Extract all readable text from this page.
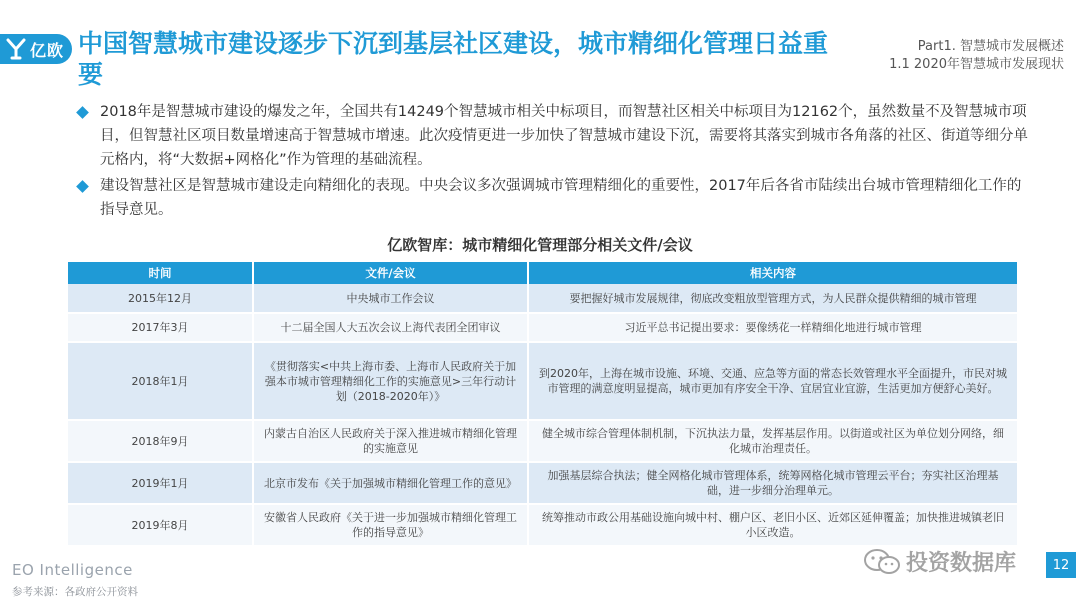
亿欧 中国智慧城市建设逐步下沉到基层社区建设，城市精细化管理日益重要
Part1. 智慧城市发展概述
1.1 2020年智慧城市发展现状
2018年是智慧城市建设的爆发之年，全国共有14249个智慧城市相关中标项目，而智慧社区相关中标项目为12162个，虽然数量不及智慧城市项目，但智慧社区项目数量增速高于智慧城市增速。此次疫情更进一步加快了智慧城市建设下沉，需要将其落实到城市各角落的社区、街道等细分单元格内，将“大数据+网格化”作为管理的基础流程。
建设智慧社区是智慧城市建设走向精细化的表现。中央会议多次强调城市管理精细化的重要性，2017年后各省市陆续出台城市管理精细化工作的指导意见。
亿欧智库：城市精细化管理部分相关文件/会议
时间	文件/会议	相关内容
2015年12月	中央城市工作会议	要把握好城市发展规律，彻底改变粗放型管理方式，为人民群众提供精细的城市管理
2017年3月	十二届全国人大五次会议上海代表团全团审议	习近平总书记提出要求：要像绣花一样精细化地进行城市管理
2018年1月	《贯彻落实<中共上海市委、上海市人民政府关于加强本市城市管理精细化工作的实施意见>三年行动计划（2018-2020年）》	到2020年，上海在城市设施、环境、交通、应急等方面的常态长效管理水平全面提升，市民对城市管理的满意度明显提高，城市更加有序安全干净、宜居宜业宜游，生活更加方便舒心美好。
2018年9月	内蒙古自治区人民政府关于深入推进城市精细化管理的实施意见	健全城市综合管理体制机制，下沉执法力量，发挥基层作用。以街道或社区为单位划分网络，细化城市治理责任。
2019年1月	北京市发布《关于加强城市精细化管理工作的意见》	加强基层综合执法；健全网格化城市管理体系，统筹网格化城市管理云平台；夯实社区治理基础，进一步细分治理单元。
2019年8月	安徽省人民政府《关于进一步加强城市精细化管理工作的指导意见》	统筹推动市政公用基础设施向城中村、棚户区、老旧小区、近郊区延伸覆盖；加快推进城镇老旧小区改造。
EO Intelligence
参考来源：各政府公开资料
投资数据库	12
